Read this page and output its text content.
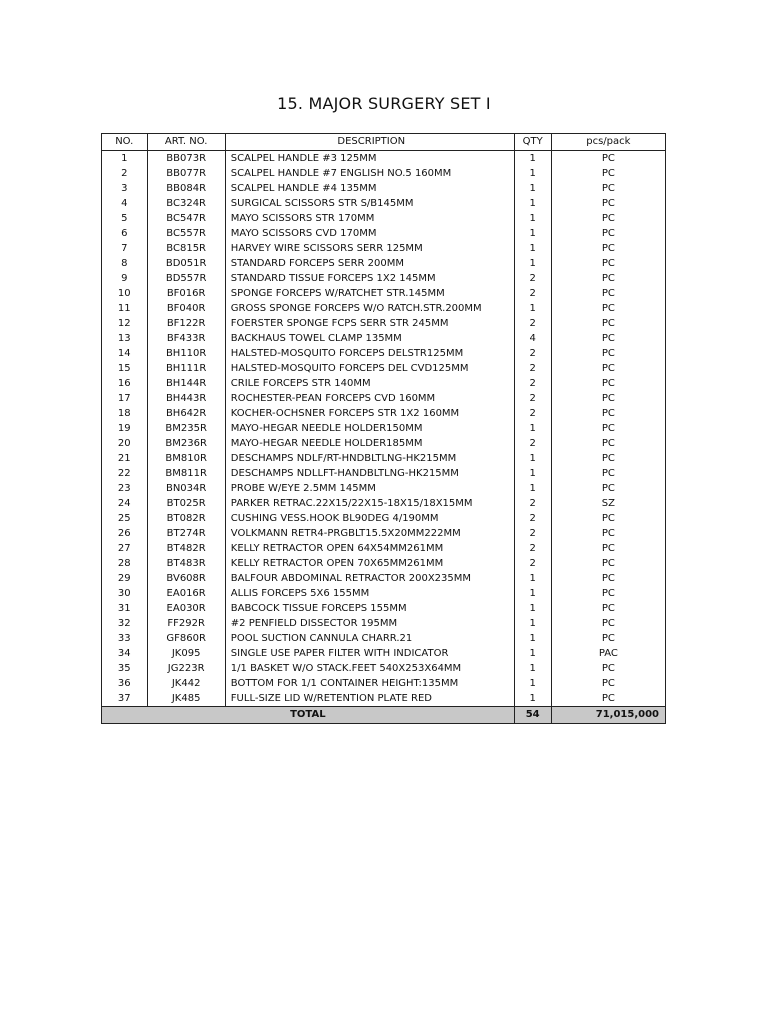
15. MAJOR SURGERY SET I
NO.	ART. NO.	DESCRIPTION	QTY	pcs/pack
1	BB073R	SCALPEL HANDLE #3 125MM	1	PC
2	BB077R	SCALPEL HANDLE #7 ENGLISH NO.5 160MM	1	PC
3	BB084R	SCALPEL HANDLE #4 135MM	1	PC
4	BC324R	SURGICAL SCISSORS STR S/B145MM	1	PC
5	BC547R	MAYO SCISSORS STR 170MM	1	PC
6	BC557R	MAYO SCISSORS CVD 170MM	1	PC
7	BC815R	HARVEY WIRE SCISSORS SERR 125MM	1	PC
8	BD051R	STANDARD FORCEPS SERR 200MM	1	PC
9	BD557R	STANDARD TISSUE FORCEPS 1X2 145MM	2	PC
10	BF016R	SPONGE FORCEPS W/RATCHET STR.145MM	2	PC
11	BF040R	GROSS SPONGE FORCEPS W/O RATCH.STR.200MM	1	PC
12	BF122R	FOERSTER SPONGE FCPS SERR STR 245MM	2	PC
13	BF433R	BACKHAUS TOWEL CLAMP 135MM	4	PC
14	BH110R	HALSTED-MOSQUITO FORCEPS DELSTR125MM	2	PC
15	BH111R	HALSTED-MOSQUITO FORCEPS DEL CVD125MM	2	PC
16	BH144R	CRILE FORCEPS STR 140MM	2	PC
17	BH443R	ROCHESTER-PEAN FORCEPS CVD 160MM	2	PC
18	BH642R	KOCHER-OCHSNER FORCEPS STR 1X2 160MM	2	PC
19	BM235R	MAYO-HEGAR NEEDLE HOLDER150MM	1	PC
20	BM236R	MAYO-HEGAR NEEDLE HOLDER185MM	2	PC
21	BM810R	DESCHAMPS NDLF/RT-HNDBLTLNG-HK215MM	1	PC
22	BM811R	DESCHAMPS NDLLFT-HANDBLTLNG-HK215MM	1	PC
23	BN034R	PROBE W/EYE 2.5MM 145MM	1	PC
24	BT025R	PARKER RETRAC.22X15/22X15-18X15/18X15MM	2	SZ
25	BT082R	CUSHING VESS.HOOK BL90DEG 4/190MM	2	PC
26	BT274R	VOLKMANN RETR4-PRGBLT15.5X20MM222MM	2	PC
27	BT482R	KELLY RETRACTOR OPEN 64X54MM261MM	2	PC
28	BT483R	KELLY RETRACTOR OPEN 70X65MM261MM	2	PC
29	BV608R	BALFOUR ABDOMINAL RETRACTOR 200X235MM	1	PC
30	EA016R	ALLIS FORCEPS 5X6 155MM	1	PC
31	EA030R	BABCOCK TISSUE FORCEPS 155MM	1	PC
32	FF292R	#2 PENFIELD DISSECTOR 195MM	1	PC
33	GF860R	POOL SUCTION CANNULA CHARR.21	1	PC
34	JK095	SINGLE USE PAPER FILTER WITH INDICATOR	1	PAC
35	JG223R	1/1 BASKET W/O STACK.FEET 540X253X64MM	1	PC
36	JK442	BOTTOM FOR 1/1 CONTAINER HEIGHT:135MM	1	PC
37	JK485	FULL-SIZE LID W/RETENTION PLATE RED	1	PC
TOTAL			54	71,015,000
